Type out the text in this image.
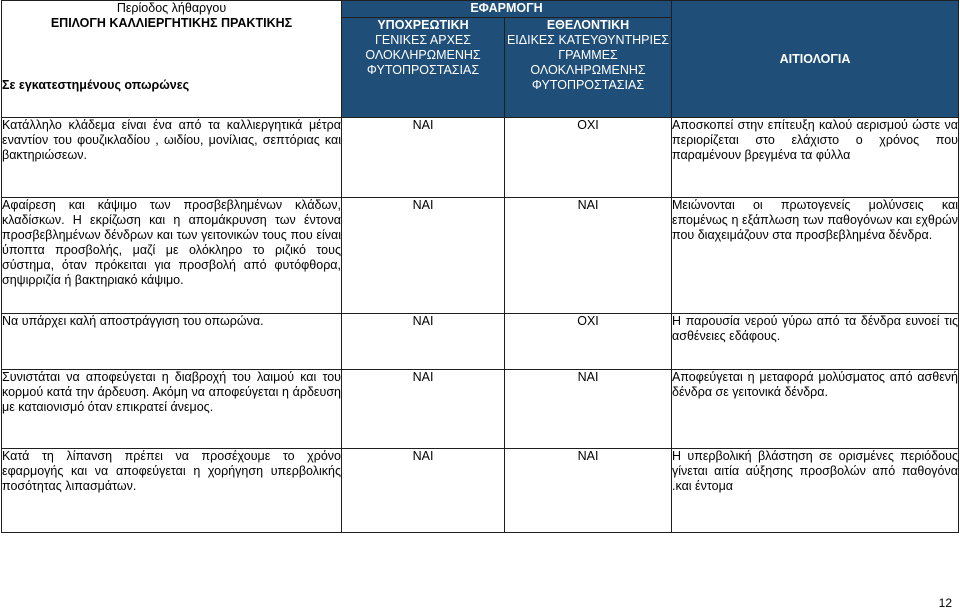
Περίοδος λήθαργου
ΕΠΙΛΟΓΗ ΚΑΛΛΙΕΡΓΗΤΙΚΗΣ ΠΡΑΚΤΙΚΗΣ
Σε εγκατεστημένους οπωρώνες	ΕΦΑΡΜΟΓΗ		ΑΙΤΙΟΛΟΓΙΑ

	ΥΠΟΧΡΕΩΤΙΚΗ
ΓΕΝΙΚΕΣ ΑΡΧΕΣ
ΟΛΟΚΛΗΡΩΜΕΝΗΣ
ΦΥΤΟΠΡΟΣΤΑΣΙΑΣ	ΕΘΕΛΟΝΤΙΚΗ
ΕΙΔΙΚΕΣ ΚΑΤΕΥΘΥΝΤΗΡΙΕΣ
ΓΡΑΜΜΕΣ
ΟΛΟΚΛΗΡΩΜΕΝΗΣ
ΦΥΤΟΠΡΟΣΤΑΣΙΑΣ	

Κατάλληλο κλάδεμα είναι ένα από τα καλλιεργητικά μέτρα εναντίον του φουζικλαδίου , ωιδίου, μονίλιας, σεπτόριας και βακτηριώσεων.	ΝΑΙ	ΟΧΙ	Αποσκοπεί στην επίτευξη καλού αερισμού ώστε να περιορίζεται στο ελάχιστο ο χρόνος που παραμένουν βρεγμένα τα φύλλα
Αφαίρεση και κάψιμο των προσβεβλημένων κλάδων, κλαδίσκων. Η εκρίζωση και η απομάκρυνση των έντονα προσβεβλημένων δένδρων και των γειτονικών τους που είναι ύποπτα προσβολής, μαζί με ολόκληρο το ριζικό τους σύστημα, όταν πρόκειται για προσβολή από φυτόφθορα, σηψιρριζία ή βακτηριακό κάψιμο.	ΝΑΙ	ΝΑΙ	Μειώνονται οι πρωτογενείς μολύνσεις και επομένως η εξάπλωση των παθογόνων και εχθρών που διαχειμάζουν στα προσβεβλημένα δένδρα.
Να υπάρχει καλή αποστράγγιση του οπωρώνα.	ΝΑΙ	ΟΧΙ	Η παρουσία νερού γύρω από τα δένδρα ευνοεί τις ασθένειες εδάφους.
Συνιστάται να αποφεύγεται η διαβροχή του λαιμού και του κορμού κατά την άρδευση. Ακόμη να αποφεύγεται η άρδευση με καταιονισμό όταν επικρατεί άνεμος.	ΝΑΙ	ΝΑΙ	Αποφεύγεται η μεταφορά μολύσματος από ασθενή δένδρα σε γειτονικά δένδρα.
Κατά τη λίπανση πρέπει να προσέχουμε το χρόνο εφαρμογής και να αποφεύγεται η χορήγηση υπερβολικής ποσότητας λιπασμάτων.	ΝΑΙ	ΝΑΙ	Η υπερβολική βλάστηση σε ορισμένες περιόδους γίνεται αιτία αύξησης προσβολών από παθογόνα .και έντομα
12
